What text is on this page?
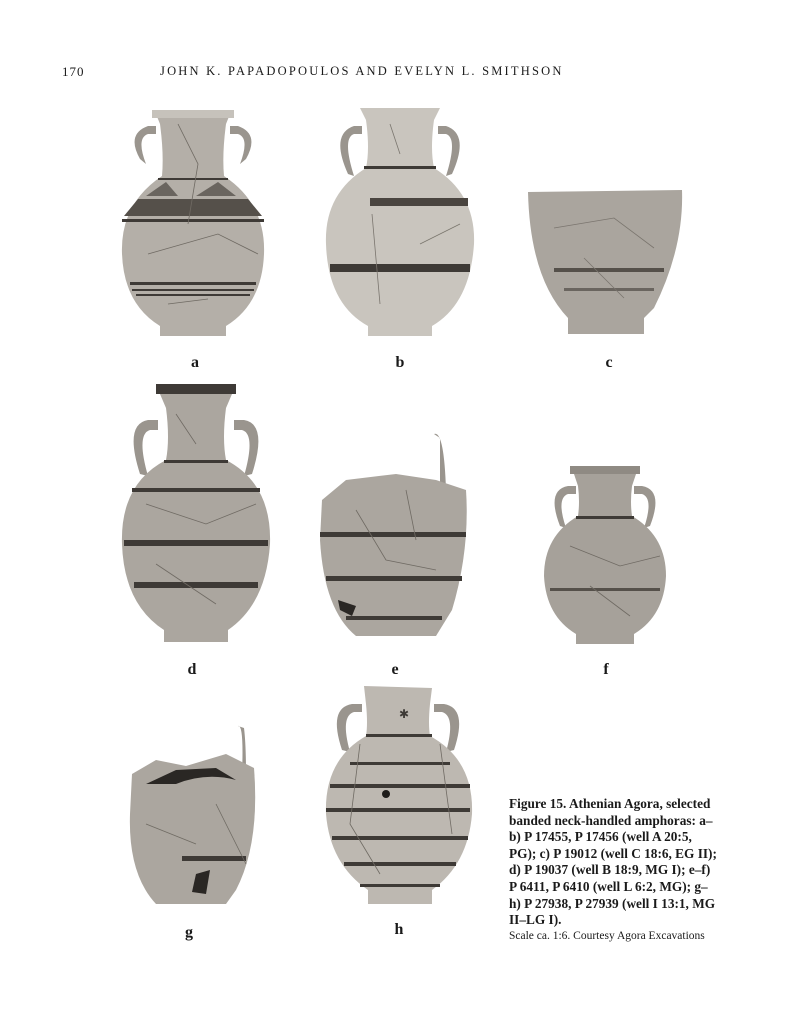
170	JOHN K. PAPADOPOULOS AND EVELYN L. SMITHSON
a	b	c
d	e	f
g
✱
h
Figure 15. Athenian Agora, selected banded neck-handled amphoras: a–b) P 17455, P 17456 (well A 20:5, PG); c) P 19012 (well C 18:6, EG II); d) P 19037 (well B 18:9, MG I); e–f) P 6411, P 6410 (well L 6:2, MG); g–h) P 27938, P 27939 (well I 13:1, MG II–LG I).
Scale ca. 1:6. Courtesy Agora Excavations
